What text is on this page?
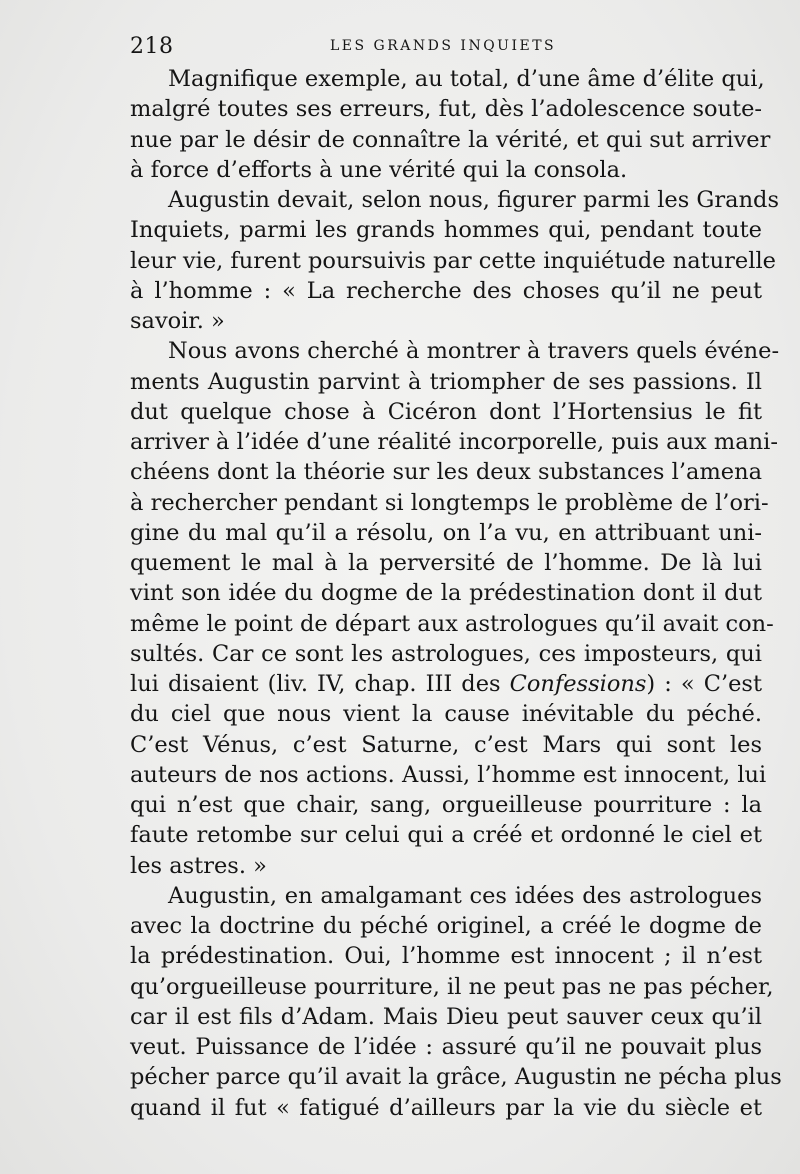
218	LES GRANDS INQUIETS
Magnifique exemple, au total, d’une âme d’élite qui,
malgré toutes ses erreurs, fut, dès l’adolescence soute-
nue par le désir de connaître la vérité, et qui sut arriver
à force d’efforts à une vérité qui la consola.
Augustin devait, selon nous, figurer parmi les Grands
Inquiets, parmi les grands hommes qui, pendant toute
leur vie, furent poursuivis par cette inquiétude naturelle
à l’homme : « La recherche des choses qu’il ne peut
savoir. »
Nous avons cherché à montrer à travers quels événe-
ments Augustin parvint à triompher de ses passions. Il
dut quelque chose à Cicéron dont l’Hortensius le fit
arriver à l’idée d’une réalité incorporelle, puis aux mani-
chéens dont la théorie sur les deux substances l’amena
à rechercher pendant si longtemps le problème de l’ori-
gine du mal qu’il a résolu, on l’a vu, en attribuant uni-
quement le mal à la perversité de l’homme. De là lui
vint son idée du dogme de la prédestination dont il dut
même le point de départ aux astrologues qu’il avait con-
sultés. Car ce sont les astrologues, ces imposteurs, qui
lui disaient (liv. IV, chap. III des Confessions) : « C’est
du ciel que nous vient la cause inévitable du péché.
C’est Vénus, c’est Saturne, c’est Mars qui sont les
auteurs de nos actions. Aussi, l’homme est innocent, lui
qui n’est que chair, sang, orgueilleuse pourriture : la
faute retombe sur celui qui a créé et ordonné le ciel et
les astres. »
Augustin, en amalgamant ces idées des astrologues
avec la doctrine du péché originel, a créé le dogme de
la prédestination. Oui, l’homme est innocent ; il n’est
qu’orgueilleuse pourriture, il ne peut pas ne pas pécher,
car il est fils d’Adam. Mais Dieu peut sauver ceux qu’il
veut. Puissance de l’idée : assuré qu’il ne pouvait plus
pécher parce qu’il avait la grâce, Augustin ne pécha plus
quand il fut « fatigué d’ailleurs par la vie du siècle et
